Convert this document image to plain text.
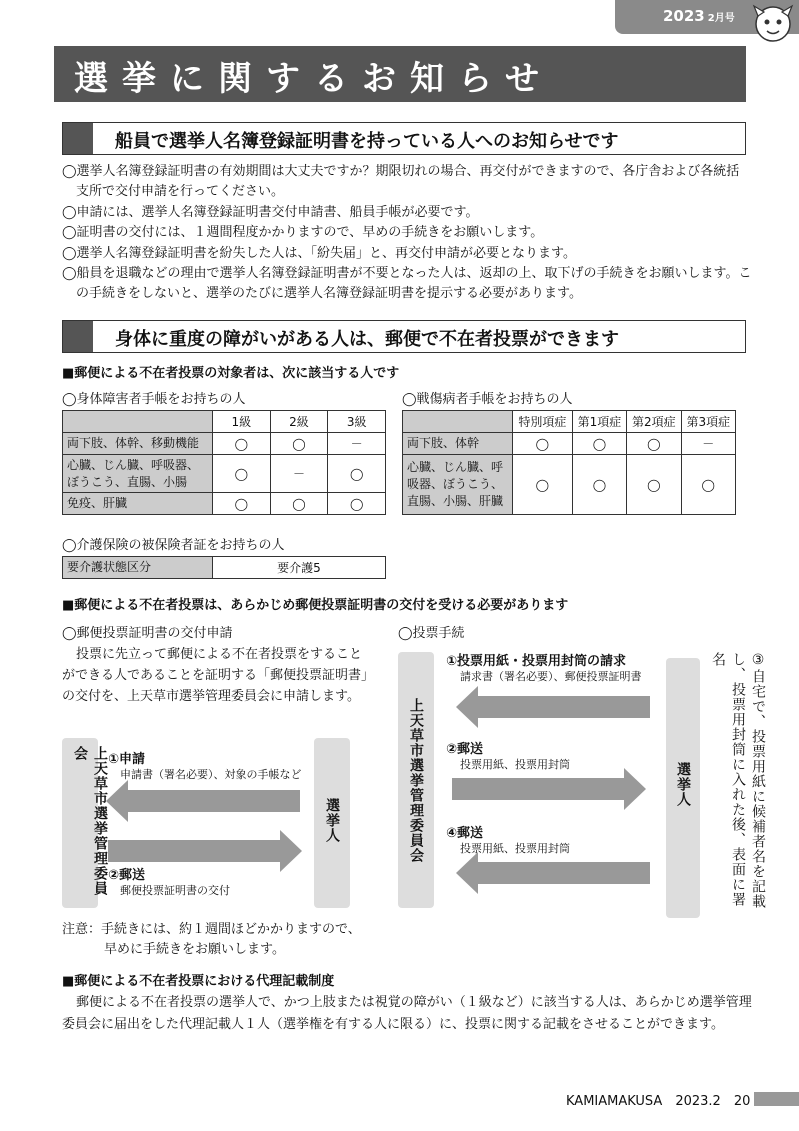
2023 2月号
選挙に関するお知らせ
船員で選挙人名簿登録証明書を持っている人へのお知らせです

◯選挙人名簿登録証明書の有効期間は大丈夫ですか？期限切れの場合、再交付ができますので、各庁舎および各統括支所で交付申請を行ってください。

◯申請には、選挙人名簿登録証明書交付申請書、船員手帳が必要です。

◯証明書の交付には、１週間程度かかりますので、早めの手続きをお願いします。

◯選挙人名簿登録証明書を紛失した人は、「紛失届」と、再交付申請が必要となります。

◯船員を退職などの理由で選挙人名簿登録証明書が不要となった人は、返却の上、取下げの手続きをお願いします。この手続きをしないと、選挙のたびに選挙人名簿登録証明書を提示する必要があります。

身体に重度の障がいがある人は、郵便で不在者投票ができます
■郵便による不在者投票の対象者は、次に該当する人です
◯身体障害者手帳をお持ちの人
	1級	2級	3級
両下肢、体幹、移動機能	◯	◯	－
心臓、じん臓、呼吸器、ぼうこう、直腸、小腸	◯	－	◯
免疫、肝臓	◯	◯	◯
◯戦傷病者手帳をお持ちの人
	特別項症	第1項症	第2項症	第3項症
両下肢、体幹	◯	◯	◯	－
心臓、じん臓、呼吸器、ぼうこう、直腸、小腸、肝臓	◯	◯	◯	◯
◯介護保険の被保険者証をお持ちの人
要介護状態区分	要介護5
■郵便による不在者投票は、あらかじめ郵便投票証明書の交付を受ける必要があります
◯郵便投票証明書の交付申請
投票に先立って郵便による不在者投票をすることができる人であることを証明する「郵便投票証明書」の交付を、上天草市選挙管理委員会に申請します。
上天草市選挙管理委員会
選挙人
①申請
申請書（署名必要）、対象の手帳など
②郵送
郵便投票証明書の交付
注意：手続きには、約１週間ほどかかりますので、
早めに手続きをお願いします。
◯投票手続
上天草市選挙管理委員会	選挙人	③自宅で、投票用紙に候補者名を記載し、投票用封筒に入れた後、表面に署名
①投票用紙・投票用封筒の請求
請求書（署名必要）、郵便投票証明書
②郵送
投票用紙、投票用封筒
④郵送
投票用紙、投票用封筒
■郵便による不在者投票における代理記載制度
郵便による不在者投票の選挙人で、かつ上肢または視覚の障がい（１級など）に該当する人は、あらかじめ選挙管理委員会に届出をした代理記載人１人（選挙権を有する人に限る）に、投票に関する記載をさせることができます。
KAMIAMAKUSA　2023.2　 20
